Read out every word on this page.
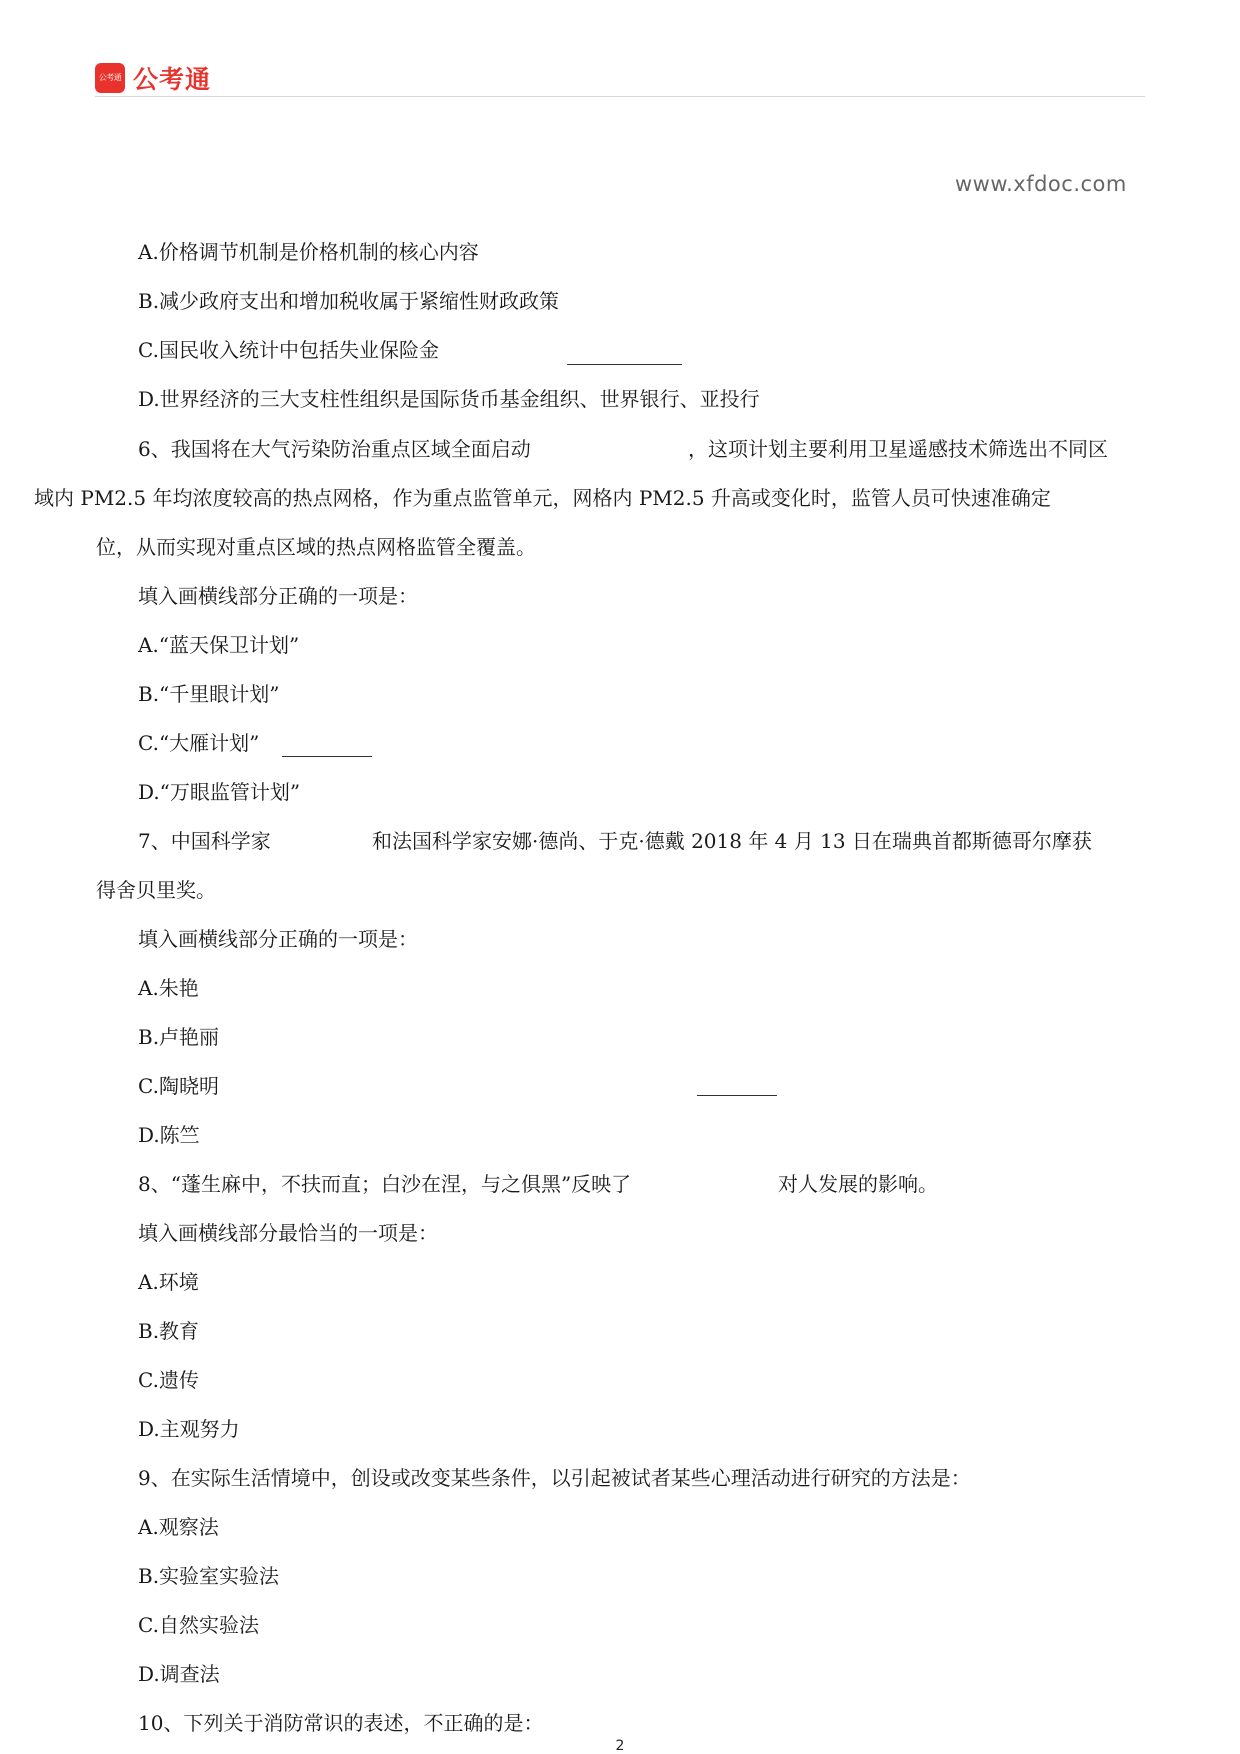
公考通 公考通
www.xfdoc.com
A.价格调节机制是价格机制的核心内容
B.减少政府支出和增加税收属于紧缩性财政政策
C.国民收入统计中包括失业保险金
D.世界经济的三大支柱性组织是国际货币基金组织、世界银行、亚投行
6、我国将在大气污染防治重点区域全面启动	，这项计划主要利用卫星遥感技术筛选出不同区
域内 PM2.5 年均浓度较高的热点网格，作为重点监管单元，网格内 PM2.5 升高或变化时，监管人员可快速准确定
位，从而实现对重点区域的热点网格监管全覆盖。
填入画横线部分正确的一项是：
A.“蓝天保卫计划”
B.“千里眼计划”
C.“大雁计划”
D.“万眼监管计划”
7、中国科学家	和法国科学家安娜·德尚、于克·德戴 2018 年 4 月 13 日在瑞典首都斯德哥尔摩获
得舍贝里奖。
填入画横线部分正确的一项是：
A.朱艳
B.卢艳丽
C.陶晓明
D.陈竺
8、“蓬生麻中，不扶而直；白沙在涅，与之俱黑”反映了	对人发展的影响。
填入画横线部分最恰当的一项是：
A.环境
B.教育
C.遗传
D.主观努力
9、在实际生活情境中，创设或改变某些条件，以引起被试者某些心理活动进行研究的方法是：
A.观察法
B.实验室实验法
C.自然实验法
D.调查法
10、下列关于消防常识的表述，不正确的是：
2
